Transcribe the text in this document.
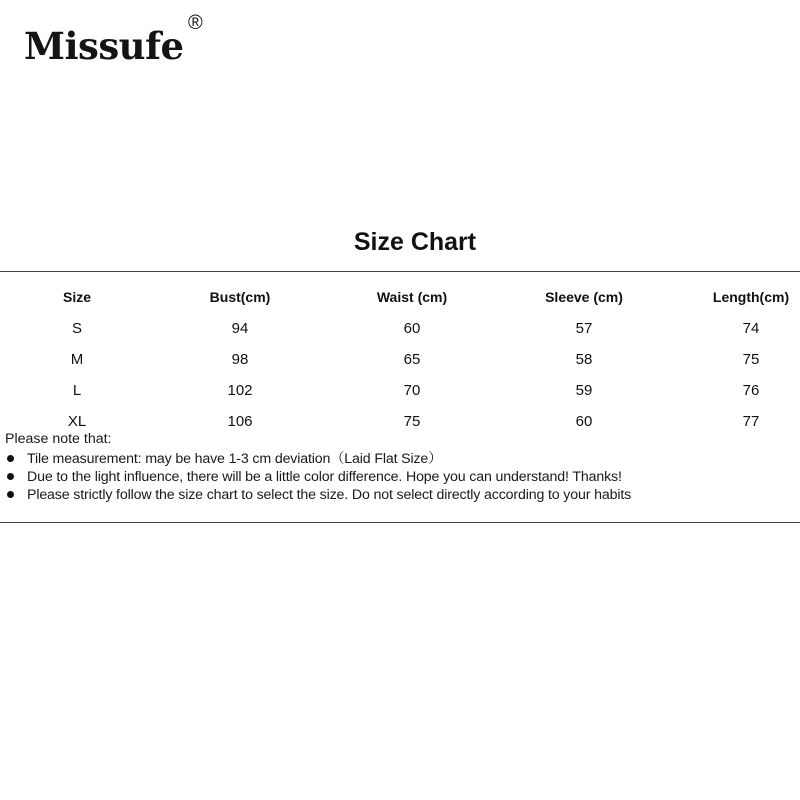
Missufe
®
Size Chart
Size	Bust(cm)	Waist (cm)	Sleeve (cm)	Length(cm)
S	94	60	57	74
M	98	65	58	75
L	102	70	59	76
XL	106	75	60	77
Please note that:
Tile measurement: may be have 1-3 cm deviation（Laid Flat Size）
Due to the light influence, there will be a little color difference. Hope you can understand! Thanks!
Please strictly follow the size chart to select the size. Do not select directly according to your habits
